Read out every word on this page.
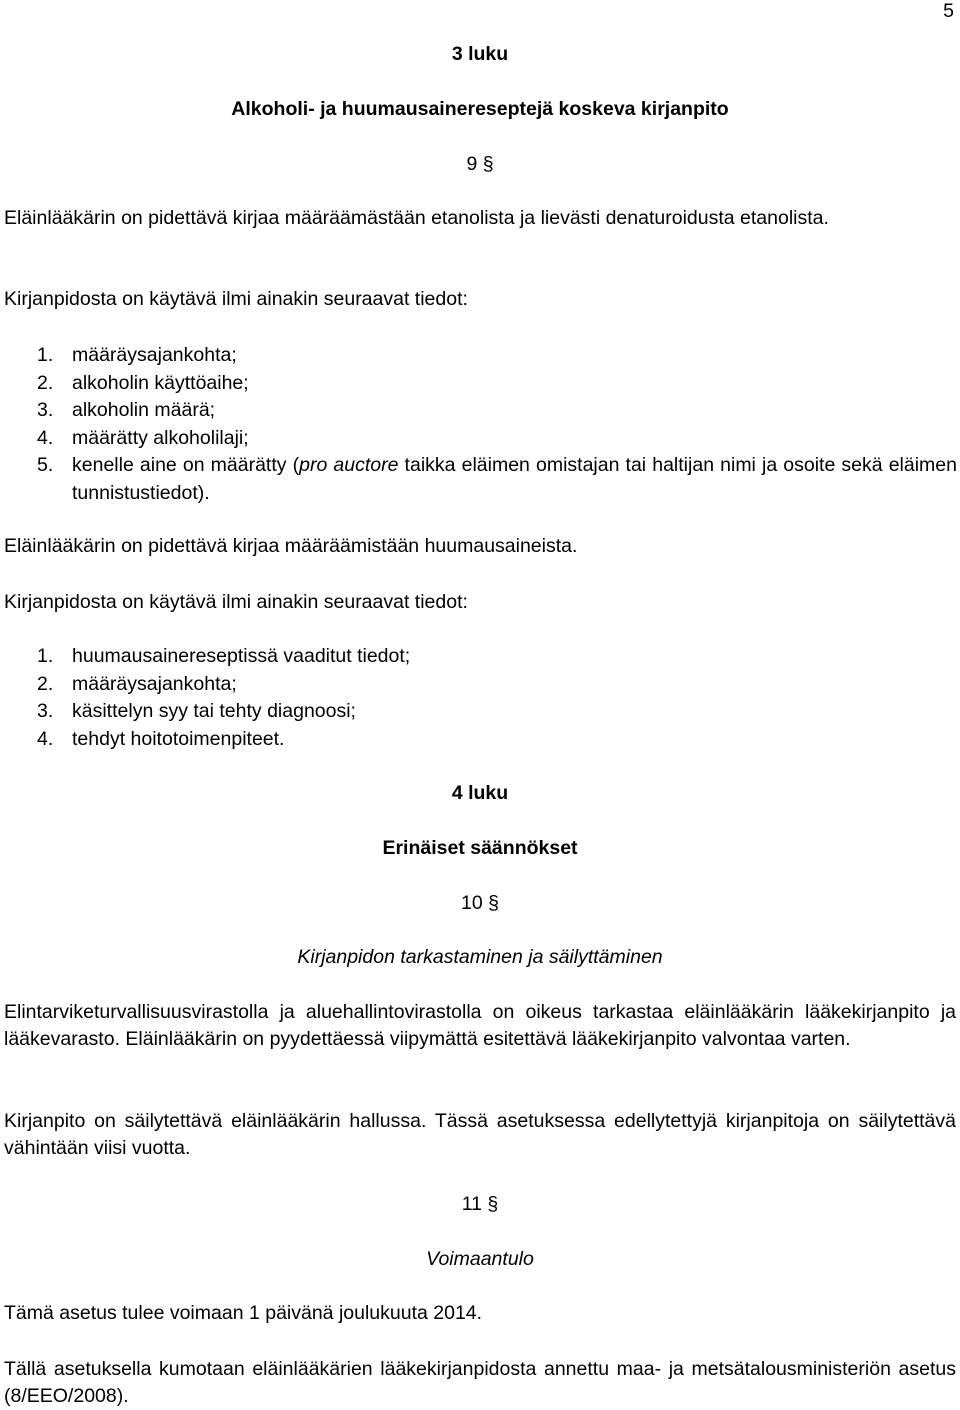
5
3 luku
Alkoholi- ja huumausainereseptejä koskeva kirjanpito
9 §

Eläinlääkärin on pidettävä kirjaa määräämästään etanolista ja lievästi denaturoidusta etanolista.

Kirjanpidosta on käytävä ilmi ainakin seuraavat tiedot:

1. määräysajankohta;
2. alkoholin käyttöaihe;
3. alkoholin määrä;
4. määrätty alkoholilaji;
5. kenelle aine on määrätty (pro auctore taikka eläimen omistajan tai haltijan nimi ja osoite sekä eläimen tunnistustiedot).

Eläinlääkärin on pidettävä kirjaa määräämistään huumausaineista.

Kirjanpidosta on käytävä ilmi ainakin seuraavat tiedot:

1. huumausainereseptissä vaaditut tiedot;
2. määräysajankohta;
3. käsittelyn syy tai tehty diagnoosi;
4. tehdyt hoitotoimenpiteet.
4 luku
Erinäiset säännökset
10 §
Kirjanpidon tarkastaminen ja säilyttäminen

Elintarviketurvallisuusvirastolla ja aluehallintovirastolla on oikeus tarkastaa eläinlääkärin lääkekirjanpito ja lääkevarasto. Eläinlääkärin on pyydettäessä viipymättä esitettävä lääkekirjanpito valvontaa varten.

Kirjanpito on säilytettävä eläinlääkärin hallussa. Tässä asetuksessa edellytettyjä kirjanpitoja on säilytettävä vähintään viisi vuotta.

11 §
Voimaantulo

Tämä asetus tulee voimaan 1 päivänä joulukuuta 2014.

Tällä asetuksella kumotaan eläinlääkärien lääkekirjanpidosta annettu maa- ja metsätalousministeriön asetus (8/EEO/2008).
